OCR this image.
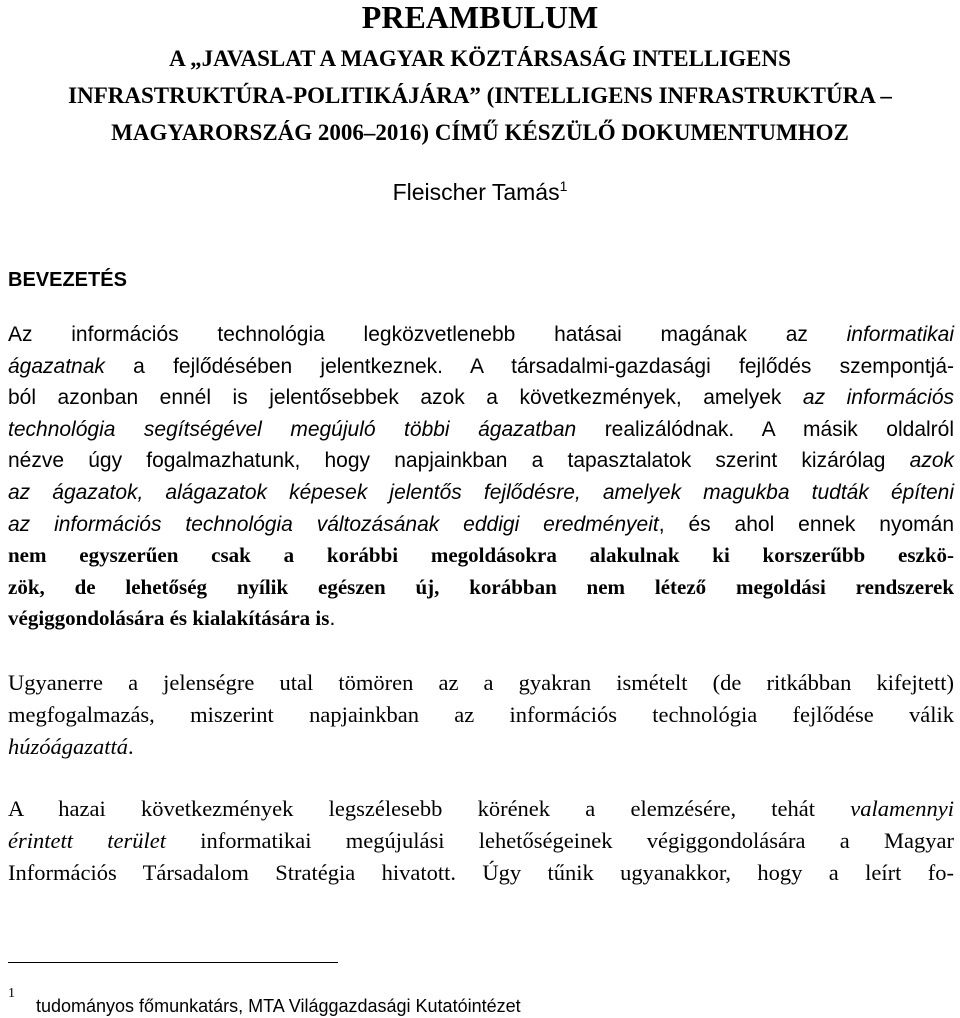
PREAMBULUM
A „JAVASLAT A MAGYAR KÖZTÁRSASÁG INTELLIGENS
INFRASTRUKTÚRA-POLITIKÁJÁRA” (INTELLIGENS INFRASTRUKTÚRA –
MAGYARORSZÁG 2006–2016) CÍMŰ KÉSZÜLŐ DOKUMENTUMHOZ
Fleischer Tamás$^1$
BEVEZETÉS
Az információs technológia legközvetlenebb hatásai magának az informatikai
ágazatnak a fejlődésében jelentkeznek. A társadalmi-gazdasági fejlődés szempontjá-
ból azonban ennél is jelentősebbek azok a következmények, amelyek az információs
technológia segítségével megújuló többi ágazatban realizálódnak. A másik oldalról
nézve úgy fogalmazhatunk, hogy napjainkban a tapasztalatok szerint kizárólag azok
az ágazatok, alágazatok képesek jelentős fejlődésre, amelyek magukba tudták építeni
az információs technológia változásának eddigi eredményeit, és ahol ennek nyomán
nem egyszerűen csak a korábbi megoldásokra alakulnak ki korszerűbb eszkö-
zök, de lehetőség nyílik egészen új, korábban nem létező megoldási rendszerek
végiggondolására és kialakítására is.
Ugyanerre a jelenségre utal tömören az a gyakran ismételt (de ritkábban kifejtett)
megfogalmazás, miszerint napjainkban az információs technológia fejlődése válik
húzóágazattá.
A hazai következmények legszélesebb körének a elemzésére, tehát valamennyi
érintett terület informatikai megújulási lehetőségeinek végiggondolására a Magyar
Információs Társadalom Stratégia hivatott. Úgy tűnik ugyanakkor, hogy a leírt fo-
1
tudományos főmunkatárs, MTA Világgazdasági Kutatóintézet
